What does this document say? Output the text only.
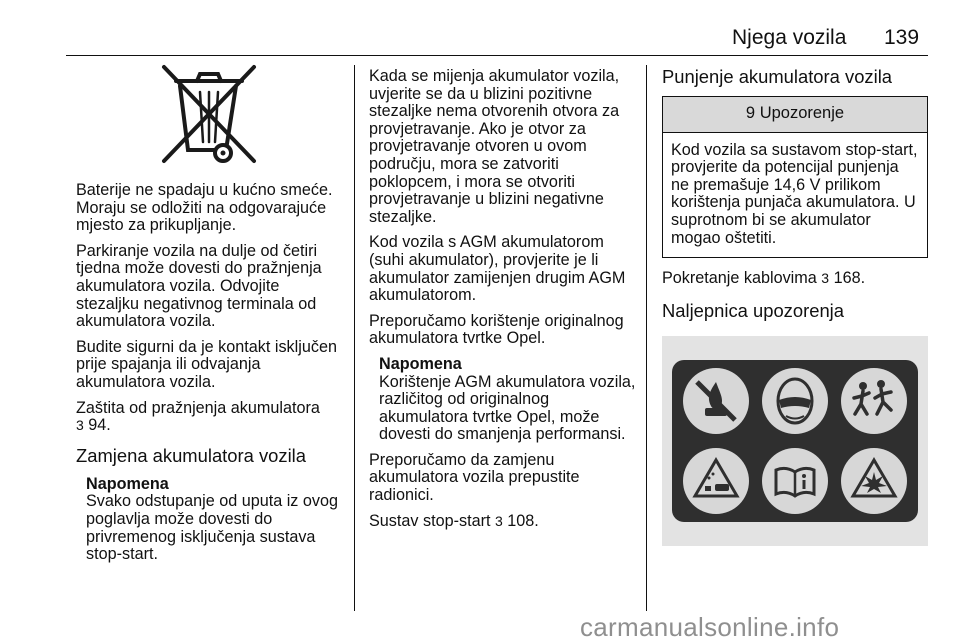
Njega vozila 139

Baterije ne spadaju u kućno smeće. Moraju se odložiti na odgovarajuće mjesto za prikupljanje.

Parkiranje vozila na dulje od četiri tjedna može dovesti do pražnjenja akumulatora vozila. Odvojite stezaljku negativnog terminala od akumulatora vozila.

Budite sigurni da je kontakt isključen prije spajanja ili odvajanja akumulatora vozila.

Zaštita od pražnjenja akumulatora
3 94.

Zamjena akumulatora vozila
Napomena
Svako odstupanje od uputa iz ovog poglavlja može dovesti do privremenog isključenja sustava stop-start.

Kada se mijenja akumulator vozila, uvjerite se da u blizini pozitivne stezaljke nema otvorenih otvora za provjetravanje. Ako je otvor za provjetravanje otvoren u ovom području, mora se zatvoriti poklopcem, i mora se otvoriti provjetravanje u blizini negativne stezaljke.

Kod vozila s AGM akumulatorom (suhi akumulator), provjerite je li akumulator zamijenjen drugim AGM akumulatorom.

Preporučamo korištenje originalnog akumulatora tvrtke Opel.

Napomena
Korištenje AGM akumulatora vozila, različitog od originalnog akumulatora tvrtke Opel, može dovesti do smanjenja performansi.

Preporučamo da zamjenu akumulatora vozila prepustite radionici.

Sustav stop-start 3 108.

Punjenje akumulatora vozila
9 Upozorenje
Kod vozila sa sustavom stop-start, provjerite da potencijal punjenja ne premašuje 14,6 V prilikom korištenja punjača akumulatora. U suprotnom bi se akumulator mogao oštetiti.

Pokretanje kablovima 3 168.

Naljepnica upozorenja
carmanualsonline.info
